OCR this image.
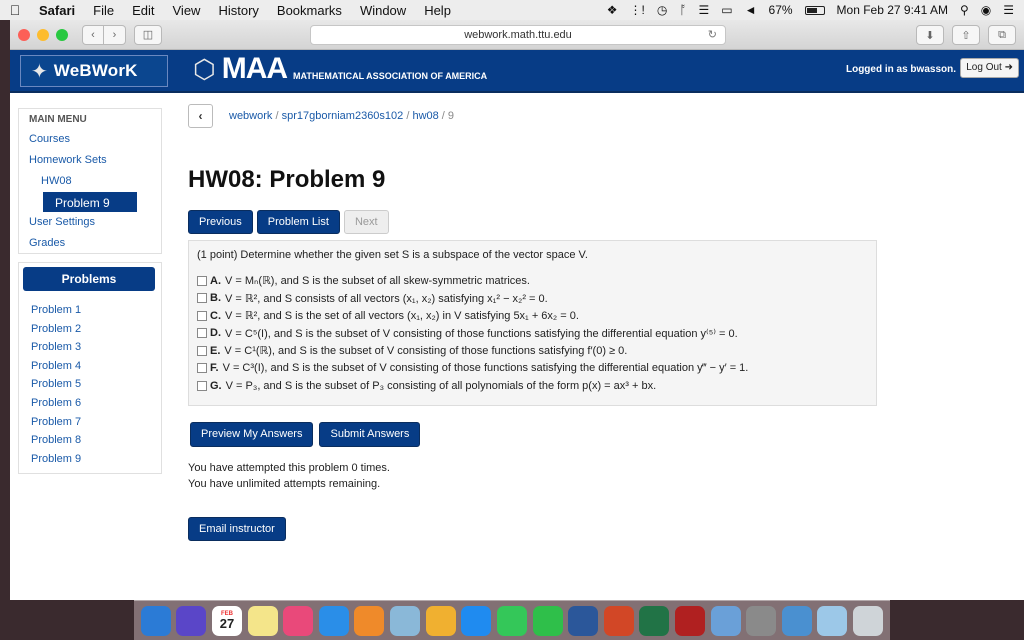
Safari	File	Edit	View	History	Bookmarks	Window	Help	❖ ⋮! ◷ ᚩ ☰ ▭ ◄ 67%	Mon Feb 27 9:41 AM ⚲ ◉ ☰
‹ › ◫	webwork.math.ttu.edu	↻	⬇ ⇧ ⧉
✦ WeBWorK ⬡ MAA MATHEMATICAL ASSOCIATION OF AMERICA
Logged in as bwasson.	Log Out ➜
MAIN MENU
Courses
Homework Sets
HW08
Problem 9
User Settings
Grades
Problems
Problem 1
Problem 2
Problem 3
Problem 4
Problem 5
Problem 6
Problem 7
Problem 8
Problem 9
‹	webwork / spr17gborniam2360s102 / hw08 / 9
HW08: Problem 9
Previous	Problem List	Next
(1 point) Determine whether the given set S is a subspace of the vector space V.
A. V = Mₙ(ℝ), and S is the subset of all skew-symmetric matrices.
B. V = ℝ², and S consists of all vectors (x₁, x₂) satisfying x₁² − x₂² = 0.
C. V = ℝ², and S is the set of all vectors (x₁, x₂) in V satisfying 5x₁ + 6x₂ = 0.
D. V = C⁵(I), and S is the subset of V consisting of those functions satisfying the differential equation y⁽⁵⁾ = 0.
E. V = C¹(ℝ), and S is the subset of V consisting of those functions satisfying f′(0) ≥ 0.
F. V = C³(I), and S is the subset of V consisting of those functions satisfying the differential equation y‴ − y′ = 1.
G. V = P₃, and S is the subset of P₃ consisting of all polynomials of the form p(x) = ax³ + bx.
Preview My Answers	Submit Answers
You have attempted this problem 0 times.
You have unlimited attempts remaining.
Email instructor
FEB
27
